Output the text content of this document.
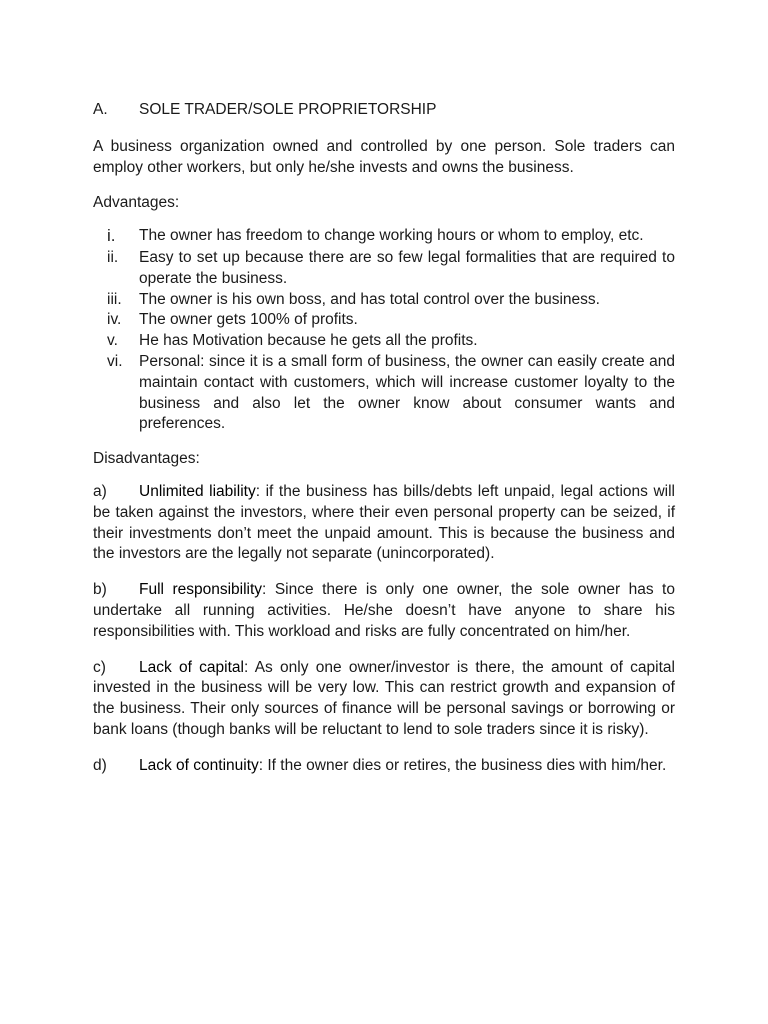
A.	SOLE TRADER/SOLE PROPRIETORSHIP

A business organization owned and controlled by one person. Sole traders can employ other workers, but only he/she invests and owns the business.

Advantages:

i.	The owner has freedom to change working hours or whom to employ, etc.
ii.	Easy to set up because there are so few legal formalities that are required to operate the business.
iii.	The owner is his own boss, and has total control over the business.
iv.	The owner gets 100% of profits.
v.	He has Motivation because he gets all the profits.
vi.	Personal: since it is a small form of business, the owner can easily create and maintain contact with customers, which will increase customer loyalty to the business and also let the owner know about consumer wants and preferences.

Disadvantages:

a) Unlimited liability: if the business has bills/debts left unpaid, legal actions will be taken against the investors, where their even personal property can be seized, if their investments don’t meet the unpaid amount. This is because the business and the investors are the legally not separate (unincorporated).

b) Full responsibility: Since there is only one owner, the sole owner has to undertake all running activities. He/she doesn’t have anyone to share his responsibilities with. This workload and risks are fully concentrated on him/her.

c) Lack of capital: As only one owner/investor is there, the amount of capital invested in the business will be very low. This can restrict growth and expansion of the business. Their only sources of finance will be personal savings or borrowing or bank loans (though banks will be reluctant to lend to sole traders since it is risky).

d) Lack of continuity: If the owner dies or retires, the business dies with him/her.
